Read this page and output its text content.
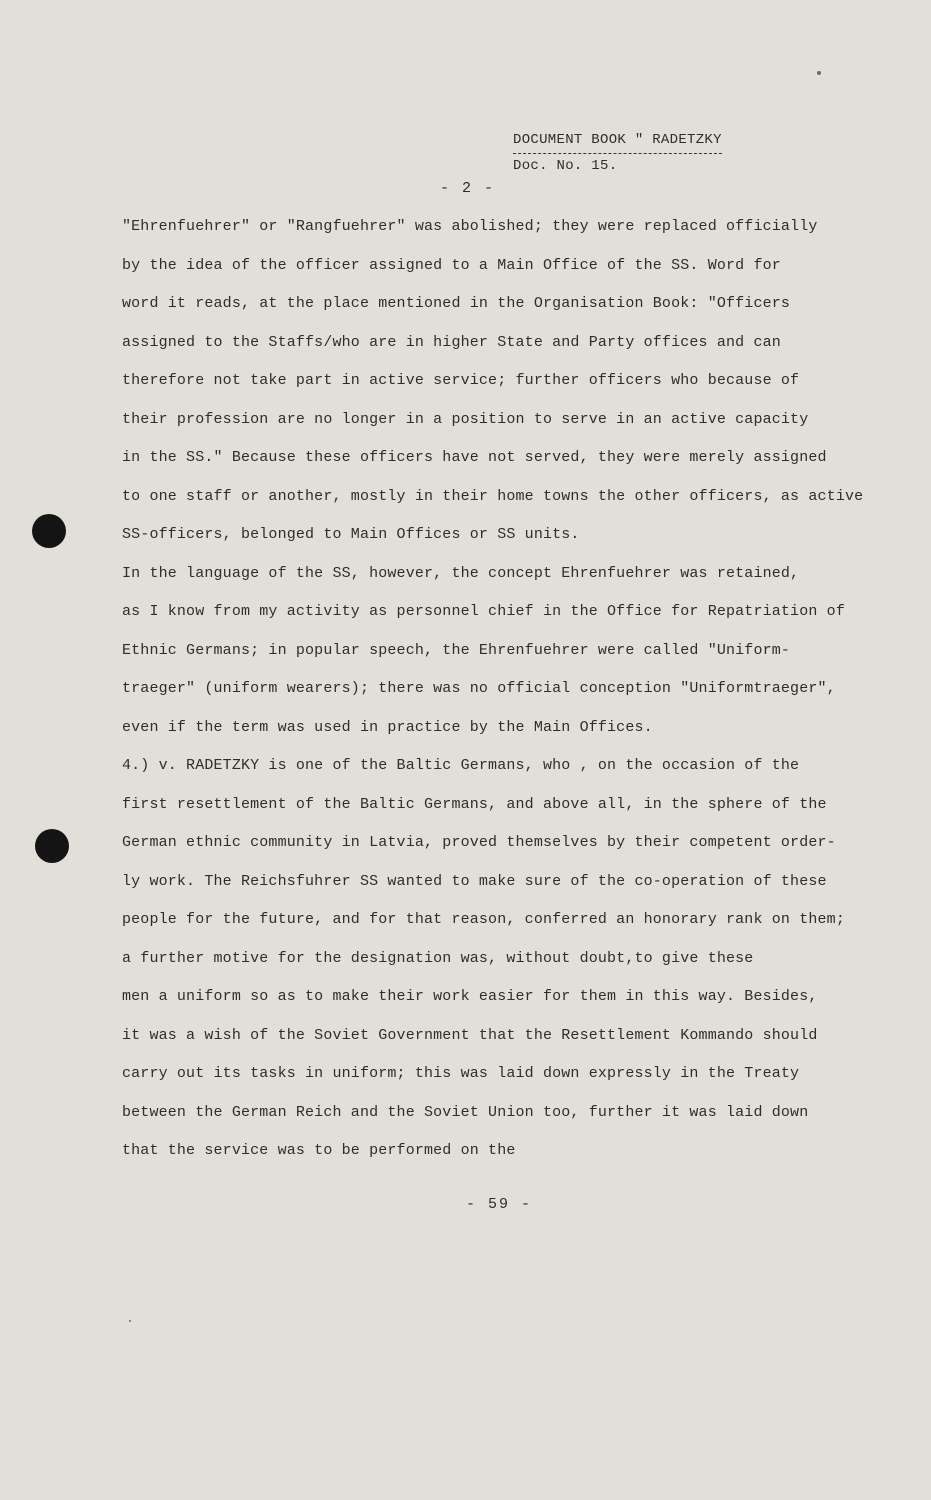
DOCUMENT BOOK " RADETZKY
Doc. No. 15.
- 2 -
"Ehrenfuehrer" or "Rangfuehrer" was abolished; they were replaced officially
by the idea of the officer assigned to a Main Office of the SS. Word for
word it reads, at the place mentioned in the Organisation Book: "Officers
assigned to the Staffs/who are in higher State and Party offices and can
therefore not take part in active service; further officers who because of
their profession are no longer in a position to serve in an active capacity
in the SS." Because these officers have not served, they were merely assigned
to one staff or another, mostly in their home towns the other officers, as active
SS-officers, belonged to Main Offices or SS units.
In the language of the SS, however, the concept Ehrenfuehrer was retained,
as I know from my activity as personnel chief in the Office for Repatriation of
Ethnic Germans; in popular speech, the Ehrenfuehrer were called "Uniform-
traeger" (uniform wearers); there was no official conception "Uniformtraeger",
even if the term was used in practice by the Main Offices.
4.) v. RADETZKY is one of the Baltic Germans, who , on the occasion of the
first resettlement of the Baltic Germans, and above all, in the sphere of the
German ethnic community in Latvia, proved themselves by their competent order-
ly work. The Reichsfuhrer SS wanted to make sure of the co-operation of these
people for the future, and for that reason, conferred an honorary rank on them;
a further motive for the designation was, without doubt,to give these
men a uniform so as to make their work easier for them in this way. Besides,
it was a wish of the Soviet Government that the Resettlement Kommando should
carry out its tasks in uniform; this was laid down expressly in the Treaty
between the German Reich and the Soviet Union too, further it was laid down
that the service was to be performed on the
- 59 -
